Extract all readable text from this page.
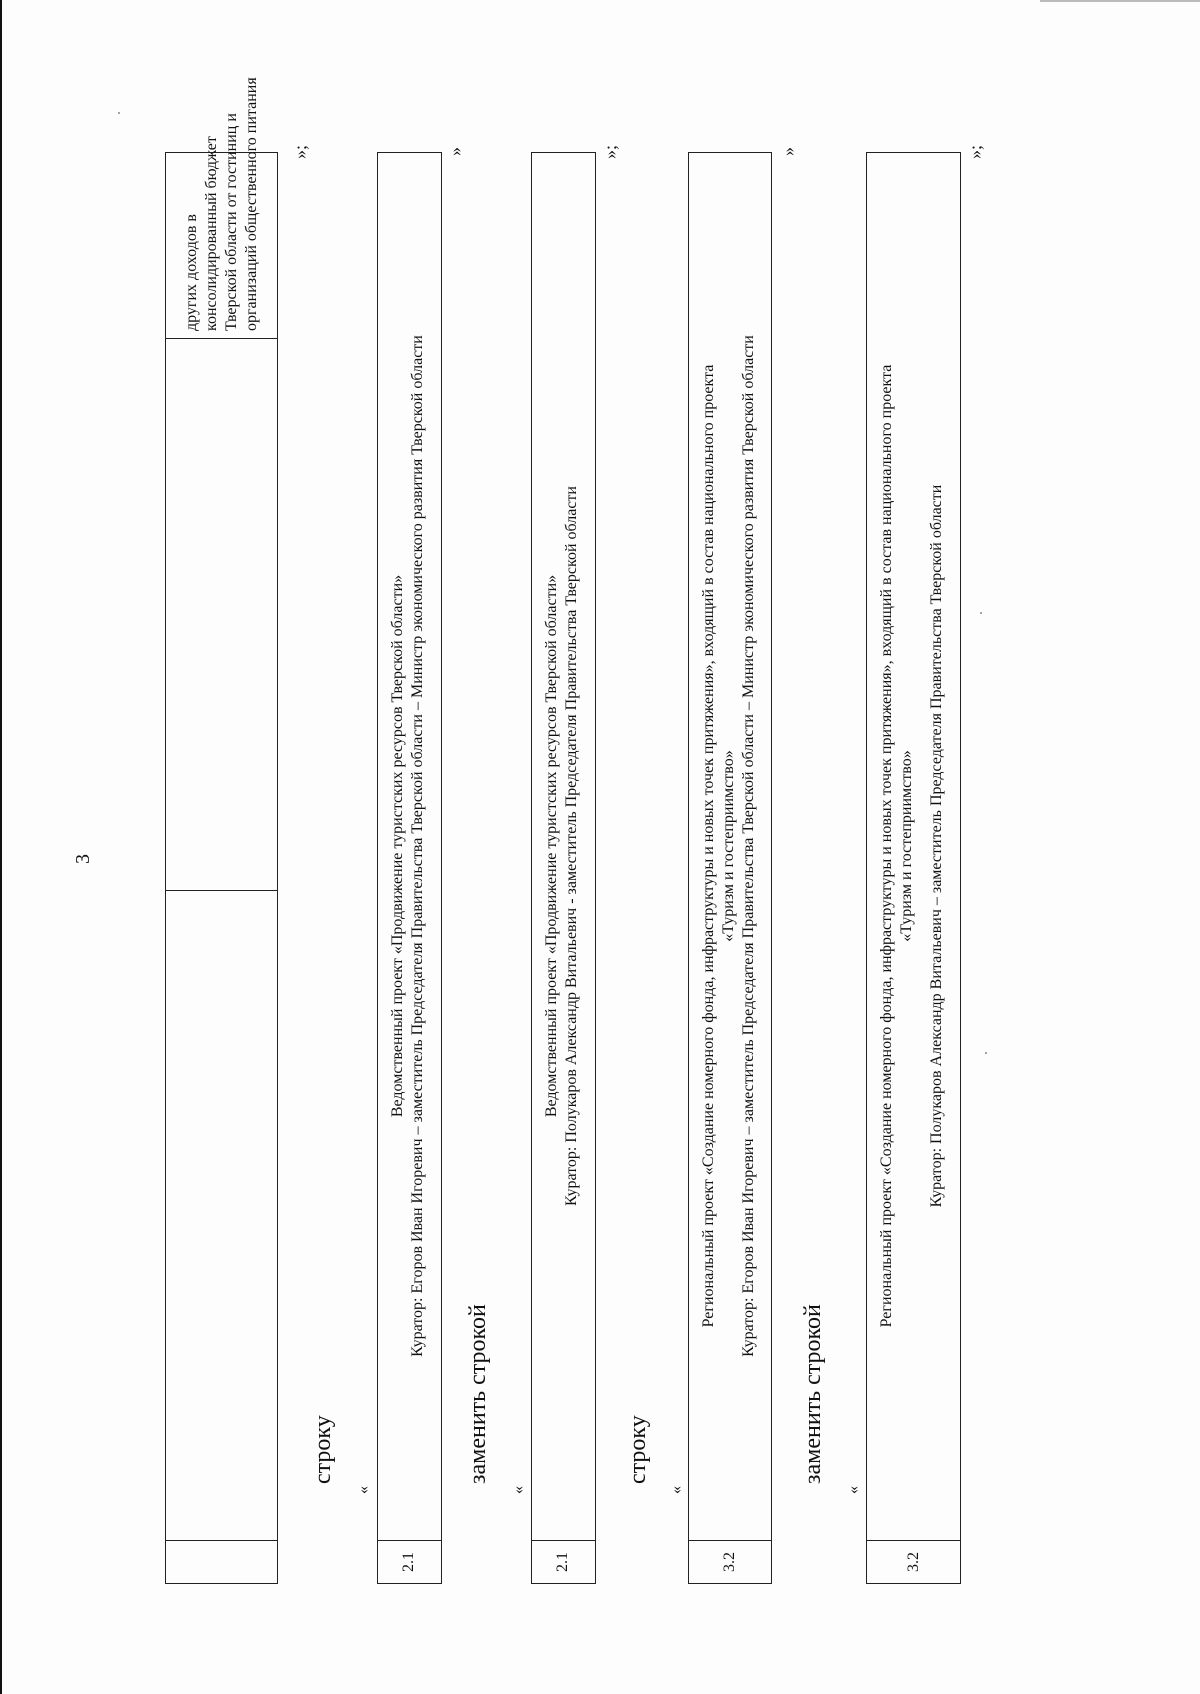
3
других доходов в консолидированный бюджет Тверской области от гостиниц и организаций общественного питания »;
строку
«
2.1
Ведомственный проект «Продвижение туристских ресурсов Тверской области» Куратор: Егоров Иван Игоревич – заместитель Председателя Правительства Тверской области – Министр экономического развития Тверской области
»
заменить строкой
«
2.1
Ведомственный проект «Продвижение туристских ресурсов Тверской области» Куратор: Полукаров Александр Витальевич - заместитель Председателя Правительства Тверской области
»;
строку
«
3.2
Региональный проект «Создание номерного фонда, инфраструктуры и новых точек притяжения», входящий в состав национального проекта «Туризм и гостеприимство» Куратор: Егоров Иван Игоревич – заместитель Председателя Правительства Тверской области – Министр экономического развития Тверской области
»
заменить строкой
«
3.2
Региональный проект «Создание номерного фонда, инфраструктуры и новых точек притяжения», входящий в состав национального проекта «Туризм и гостеприимство» Куратор: Полукаров Александр Витальевич – заместитель Председателя Правительства Тверской области
»;
